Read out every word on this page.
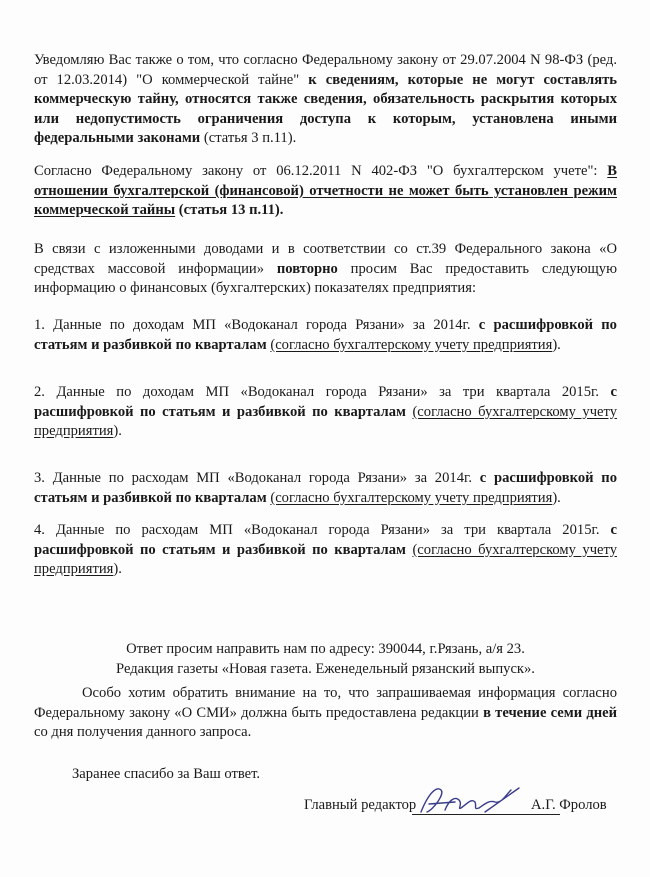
Уведомляю Вас также о том, что согласно Федеральному закону от 29.07.2004 N 98-ФЗ (ред. от 12.03.2014) "О коммерческой тайне" к сведениям, которые не могут составлять коммерческую тайну, относятся также сведения, обязательность раскрытия которых или недопустимость ограничения доступа к которым, установлена иными федеральными законами (статья 3 п.11).

Согласно Федеральному закону от 06.12.2011 N 402-ФЗ "О бухгалтерском учете": В отношении бухгалтерской (финансовой) отчетности не может быть установлен режим коммерческой тайны (статья 13 п.11).

В связи с изложенными доводами и в соответствии со ст.39 Федерального закона «О средствах массовой информации» повторно просим Вас предоставить следующую информацию о финансовых (бухгалтерских) показателях предприятия:

1. Данные по доходам МП «Водоканал города Рязани» за 2014г. с расшифровкой по статьям и разбивкой по кварталам (согласно бухгалтерскому учету предприятия).

2. Данные по доходам МП «Водоканал города Рязани» за три квартала 2015г. с расшифровкой по статьям и разбивкой по кварталам (согласно бухгалтерскому учету предприятия).

3. Данные по расходам МП «Водоканал города Рязани» за 2014г. с расшифровкой по статьям и разбивкой по кварталам (согласно бухгалтерскому учету предприятия).

4. Данные по расходам МП «Водоканал города Рязани» за три квартала 2015г. с расшифровкой по статьям и разбивкой по кварталам (согласно бухгалтерскому учету предприятия).

Ответ просим направить нам по адресу: 390044, г.Рязань, а/я 23.
Редакция газеты «Новая газета. Еженедельный рязанский выпуск».

Особо хотим обратить внимание на то, что запрашиваемая информация согласно Федеральному закону «О СМИ» должна быть предоставлена редакции в течение семи дней со дня получения данного запроса.

Заранее спасибо за Ваш ответ.

Главный редактор	А.Г. Фролов
